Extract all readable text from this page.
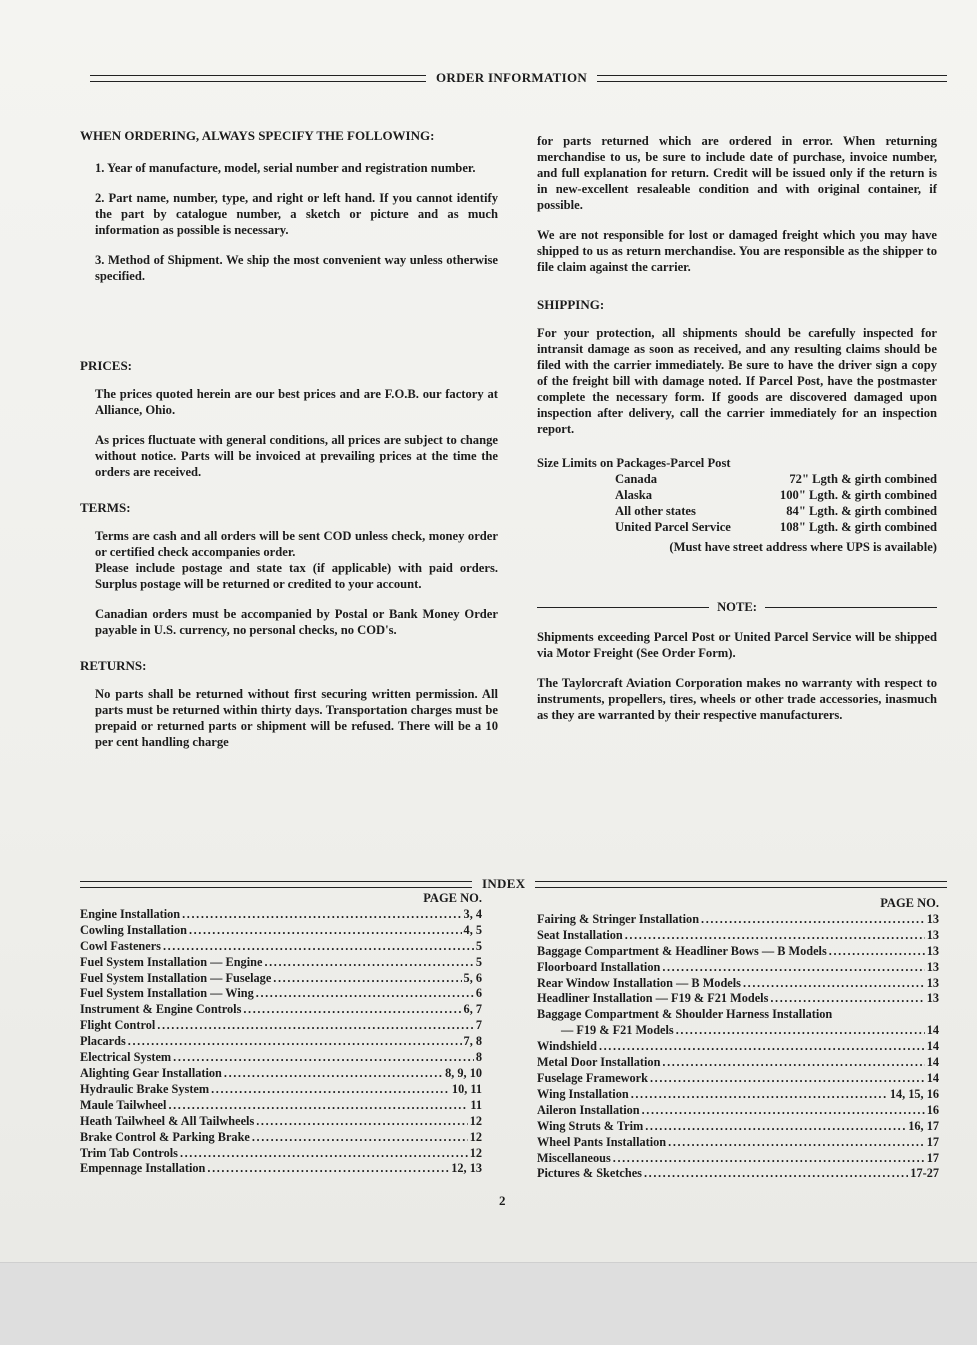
ORDER INFORMATION
WHEN ORDERING, ALWAYS SPECIFY THE FOLLOWING:

1. Year of manufacture, model, serial number and registration number.

2. Part name, number, type, and right or left hand. If you cannot identify the part by catalogue number, a sketch or picture and as much information as possible is necessary.

3. Method of Shipment. We ship the most convenient way unless otherwise specified.

PRICES:

The prices quoted herein are our best prices and are F.O.B. our factory at Alliance, Ohio.

As prices fluctuate with general conditions, all prices are subject to change without notice. Parts will be invoiced at prevailing prices at the time the orders are received.

TERMS:

Terms are cash and all orders will be sent COD unless check, money order or certified check accompanies order.

Please include postage and state tax (if applicable) with paid orders. Surplus postage will be returned or credited to your account.

Canadian orders must be accompanied by Postal or Bank Money Order payable in U.S. currency, no personal checks, no COD's.

RETURNS:

No parts shall be returned without first securing written permission. All parts must be returned within thirty days. Transportation charges must be prepaid or returned parts or shipment will be refused. There will be a 10 per cent handling charge

for parts returned which are ordered in error. When returning merchandise to us, be sure to include date of purchase, invoice number, and full explanation for return. Credit will be issued only if the return is in new-excellent resaleable condition and with original container, if possible.

We are not responsible for lost or damaged freight which you may have shipped to us as return merchandise. You are responsible as the shipper to file claim against the carrier.

SHIPPING:

For your protection, all shipments should be carefully inspected for intransit damage as soon as received, and any resulting claims should be filed with the carrier immediately. Be sure to have the driver sign a copy of the freight bill with damage noted. If Parcel Post, have the postmaster complete the necessary form. If goods are discovered damaged upon inspection after delivery, call the carrier immediately for an inspection report.

Size Limits on Packages-Parcel Post
Canada	72" Lgth & girth combined
Alaska	100" Lgth. & girth combined
All other states	84" Lgth. & girth combined
United Parcel Service	108" Lgth. & girth combined
(Must have street address where UPS is available)
NOTE:

Shipments exceeding Parcel Post or United Parcel Service will be shipped via Motor Freight (See Order Form).

The Taylorcraft Aviation Corporation makes no warranty with respect to instruments, propellers, tires, wheels or other trade accessories, inasmuch as they are warranted by their respective manufacturers.

INDEX
PAGE NO.
Engine Installation .....	3, 4
Cowling Installation .....	4, 5
Cowl Fasteners .....	5
Fuel System Installation — Engine .....	5
Fuel System Installation — Fuselage .....	5, 6
Fuel System Installation — Wing .....	6
Instrument & Engine Controls .....	6, 7
Flight Control .....	7
Placards .....	7, 8
Electrical System .....	8
Alighting Gear Installation .....	8, 9, 10
Hydraulic Brake System .....	10, 11
Maule Tailwheel .....	11
Heath Tailwheel & All Tailwheels .....	12
Brake Control & Parking Brake .....	12
Trim Tab Controls .....	12
Empennage Installation .....	12, 13
PAGE NO.
Fairing & Stringer Installation .....	13
Seat Installation .....	13
Baggage Compartment & Headliner Bows — B Models .....	13
Floorboard Installation .....	13
Rear Window Installation — B Models .....	13
Headliner Installation — F19 & F21 Models .....	13
Baggage Compartment & Shoulder Harness Installation
— F19 & F21 Models .....	14
Windshield .....	14
Metal Door Installation .....	14
Fuselage Framework .....	14
Wing Installation .....	14, 15, 16
Aileron Installation .....	16
Wing Struts & Trim .....	16, 17
Wheel Pants Installation .....	17
Miscellaneous .....	17
Pictures & Sketches .....	17-27
2
